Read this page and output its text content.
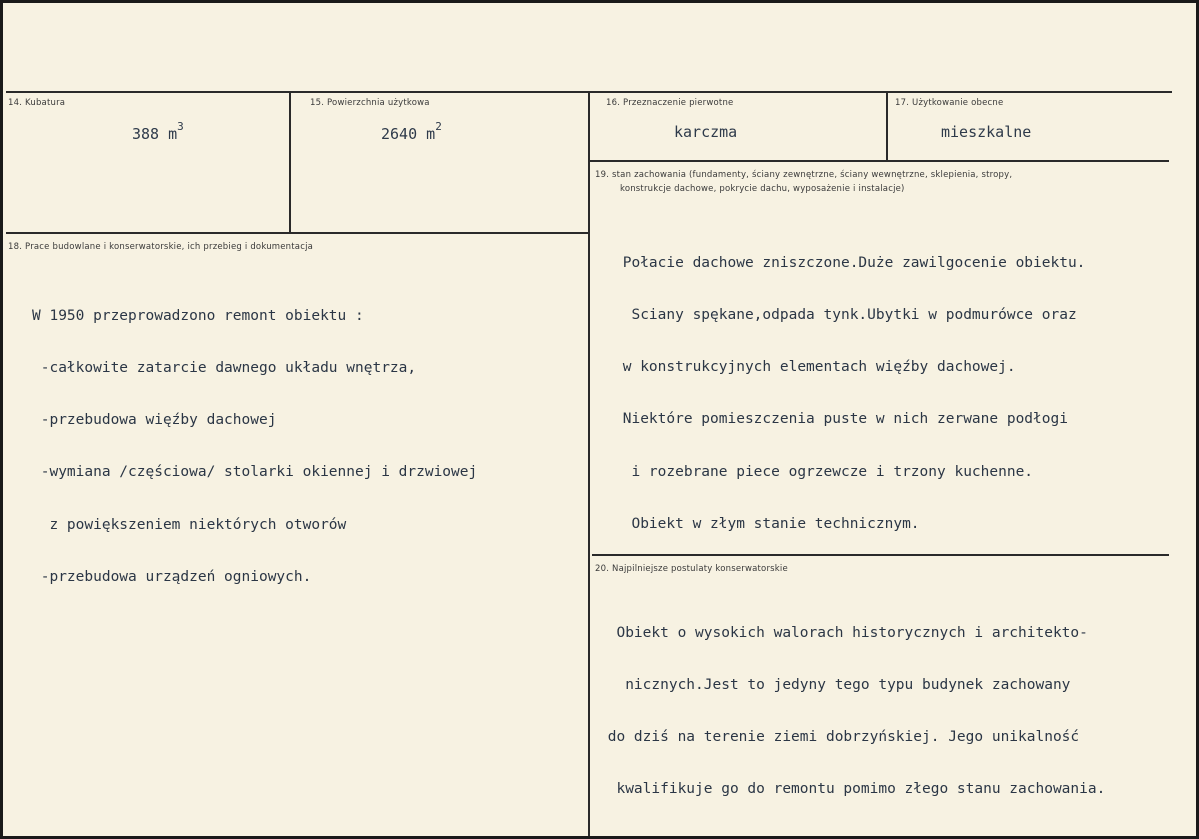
14. Kubatura
388 $m^3$
15. Powierzchnia użytkowa
2640 $m^2$
16. Przeznaczenie pierwotne
karczma
17. Użytkowanie obecne
mieszkalne
18. Prace budowlane i konserwatorskie, ich przebieg i dokumentacja

W 1950 przeprowadzono remont obiektu :

-całkowite zatarcie dawnego układu wnętrza,

-przebudowa więźby dachowej

-wymiana /częściowa/ stolarki okiennej i drzwiowej

z powiększeniem niektórych otworów

-przebudowa urządzeń ogniowych.

19. stan zachowania (fundamenty, ściany zewnętrzne, ściany wewnętrzne, sklepienia, stropy,
konstrukcje dachowe, pokrycie dachu, wyposażenie i instalacje)

Połacie dachowe zniszczone.Duże zawilgocenie obiektu.

Sciany spękane,odpada tynk.Ubytki w podmurówce oraz

w konstrukcyjnych elementach więźby dachowej.

Niektóre pomieszczenia puste w nich zerwane podłogi

i rozebrane piece ogrzewcze i trzony kuchenne.

Obiekt w złym stanie technicznym.

20. Najpilniejsze postulaty konserwatorskie

Obiekt o wysokich walorach historycznych i architekto-

nicznych.Jest to jedyny tego typu budynek zachowany

do dziś na terenie ziemi dobrzyńskiej. Jego unikalność

kwalifikuje go do remontu pomimo złego stanu zachowania.
